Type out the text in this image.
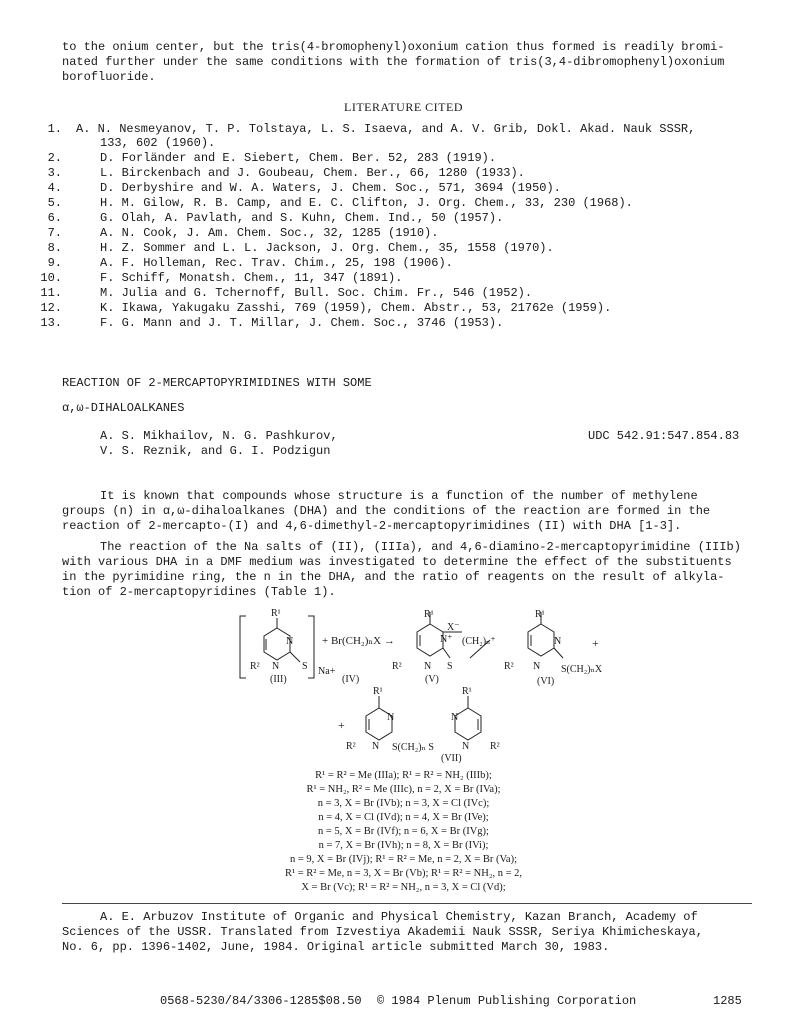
to the onium center, but the tris(4-bromophenyl)oxonium cation thus formed is readily bromi-
nated further under the same conditions with the formation of tris(3,4-dibromophenyl)oxonium
borofluoride.
LITERATURE CITED
1. A. N. Nesmeyanov, T. P. Tolstaya, L. S. Isaeva, and A. V. Grib, Dokl. Akad. Nauk SSSR,
133, 602 (1960).
2.	D. Forländer and E. Siebert, Chem. Ber. 52, 283 (1919).
3.	L. Birckenbach and J. Goubeau, Chem. Ber., 66, 1280 (1933).
4.	D. Derbyshire and W. A. Waters, J. Chem. Soc., 571, 3694 (1950).
5.	H. M. Gilow, R. B. Camp, and E. C. Clifton, J. Org. Chem., 33, 230 (1968).
6.	G. Olah, A. Pavlath, and S. Kuhn, Chem. Ind., 50 (1957).
7.	A. N. Cook, J. Am. Chem. Soc., 32, 1285 (1910).
8.	H. Z. Sommer and L. L. Jackson, J. Org. Chem., 35, 1558 (1970).
9.	A. F. Holleman, Rec. Trav. Chim., 25, 198 (1906).
10.	F. Schiff, Monatsh. Chem., 11, 347 (1891).
11.	M. Julia and G. Tchernoff, Bull. Soc. Chim. Fr., 546 (1952).
12.	K. Ikawa, Yakugaku Zasshi, 769 (1959), Chem. Abstr., 53, 21762e (1959).
13.	F. G. Mann and J. T. Millar, J. Chem. Soc., 3746 (1953).
REACTION OF 2-MERCAPTOPYRIMIDINES WITH SOME
α,ω-DIHALOALKANES
A. S. Mikhailov, N. G. Pashkurov,
V. S. Reznik, and G. I. Podzigun
UDC 542.91:547.854.83
It is known that compounds whose structure is a function of the number of methylene
groups (n) in α,ω-dihaloalkanes (DHA) and the conditions of the reaction are formed in the
reaction of 2-mercapto-(I) and 4,6-dimethyl-2-mercaptopyrimidines (II) with DHA [1-3].
The reaction of the Na salts of (II), (IIIa), and 4,6-diamino-2-mercaptopyrimidine (IIIb)
with various DHA in a DMF medium was investigated to determine the effect of the substituents
in the pyrimidine ring, the n in the DHA, and the ratio of reagents on the result of alkyla-
tion of 2-mercaptopyridines (Table 1).
R¹
N
R² N S Na+
(III)
+ Br(CH₂)ₙX →
(IV)
R¹
X⁻
N⁺ (CH₂)ₙ⁺
R² N S
(V)
R¹
N
R² N S(CH₂)ₙX
(VI)
+
+
R¹	R¹
N	N
R² N S(CH₂)ₙ S	N R²
(VII)
R¹ = R² = Me (IIIa); R¹ = R² = NH₂ (IIIb);
R¹ = NH₂, R² = Me (IIIc), n = 2, X = Br (IVa);
n = 3, X = Br (IVb); n = 3, X = Cl (IVc);
n = 4, X = Cl (IVd); n = 4, X = Br (IVe);
n = 5, X = Br (IVf); n = 6, X = Br (IVg);
n = 7, X = Br (IVh); n = 8, X = Br (IVi);
n = 9, X = Br (IVj); R¹ = R² = Me, n = 2, X = Br (Va);
R¹ = R² = Me, n = 3, X = Br (Vb); R¹ = R² = NH₂, n = 2,
X = Br (Vc); R¹ = R² = NH₂, n = 3, X = Cl (Vd);
A. E. Arbuzov Institute of Organic and Physical Chemistry, Kazan Branch, Academy of
Sciences of the USSR. Translated from Izvestiya Akademii Nauk SSSR, Seriya Khimicheskaya,
No. 6, pp. 1396-1402, June, 1984. Original article submitted March 30, 1983.
0568-5230/84/3306-1285$08.50 © 1984 Plenum Publishing Corporation	1285
